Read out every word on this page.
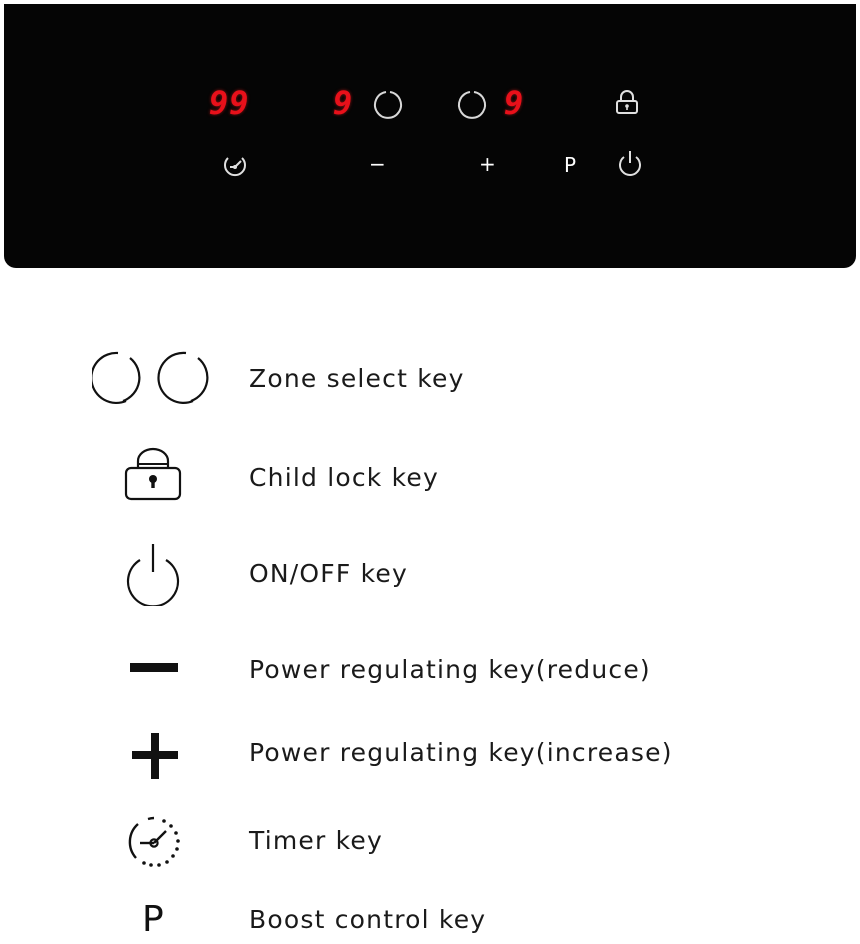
99	9	9
−	+	P
Zone select key
Child lock key
ON/OFF key
Power regulating key(reduce)
Power regulating key(increase)
Timer key
P	Boost control key
